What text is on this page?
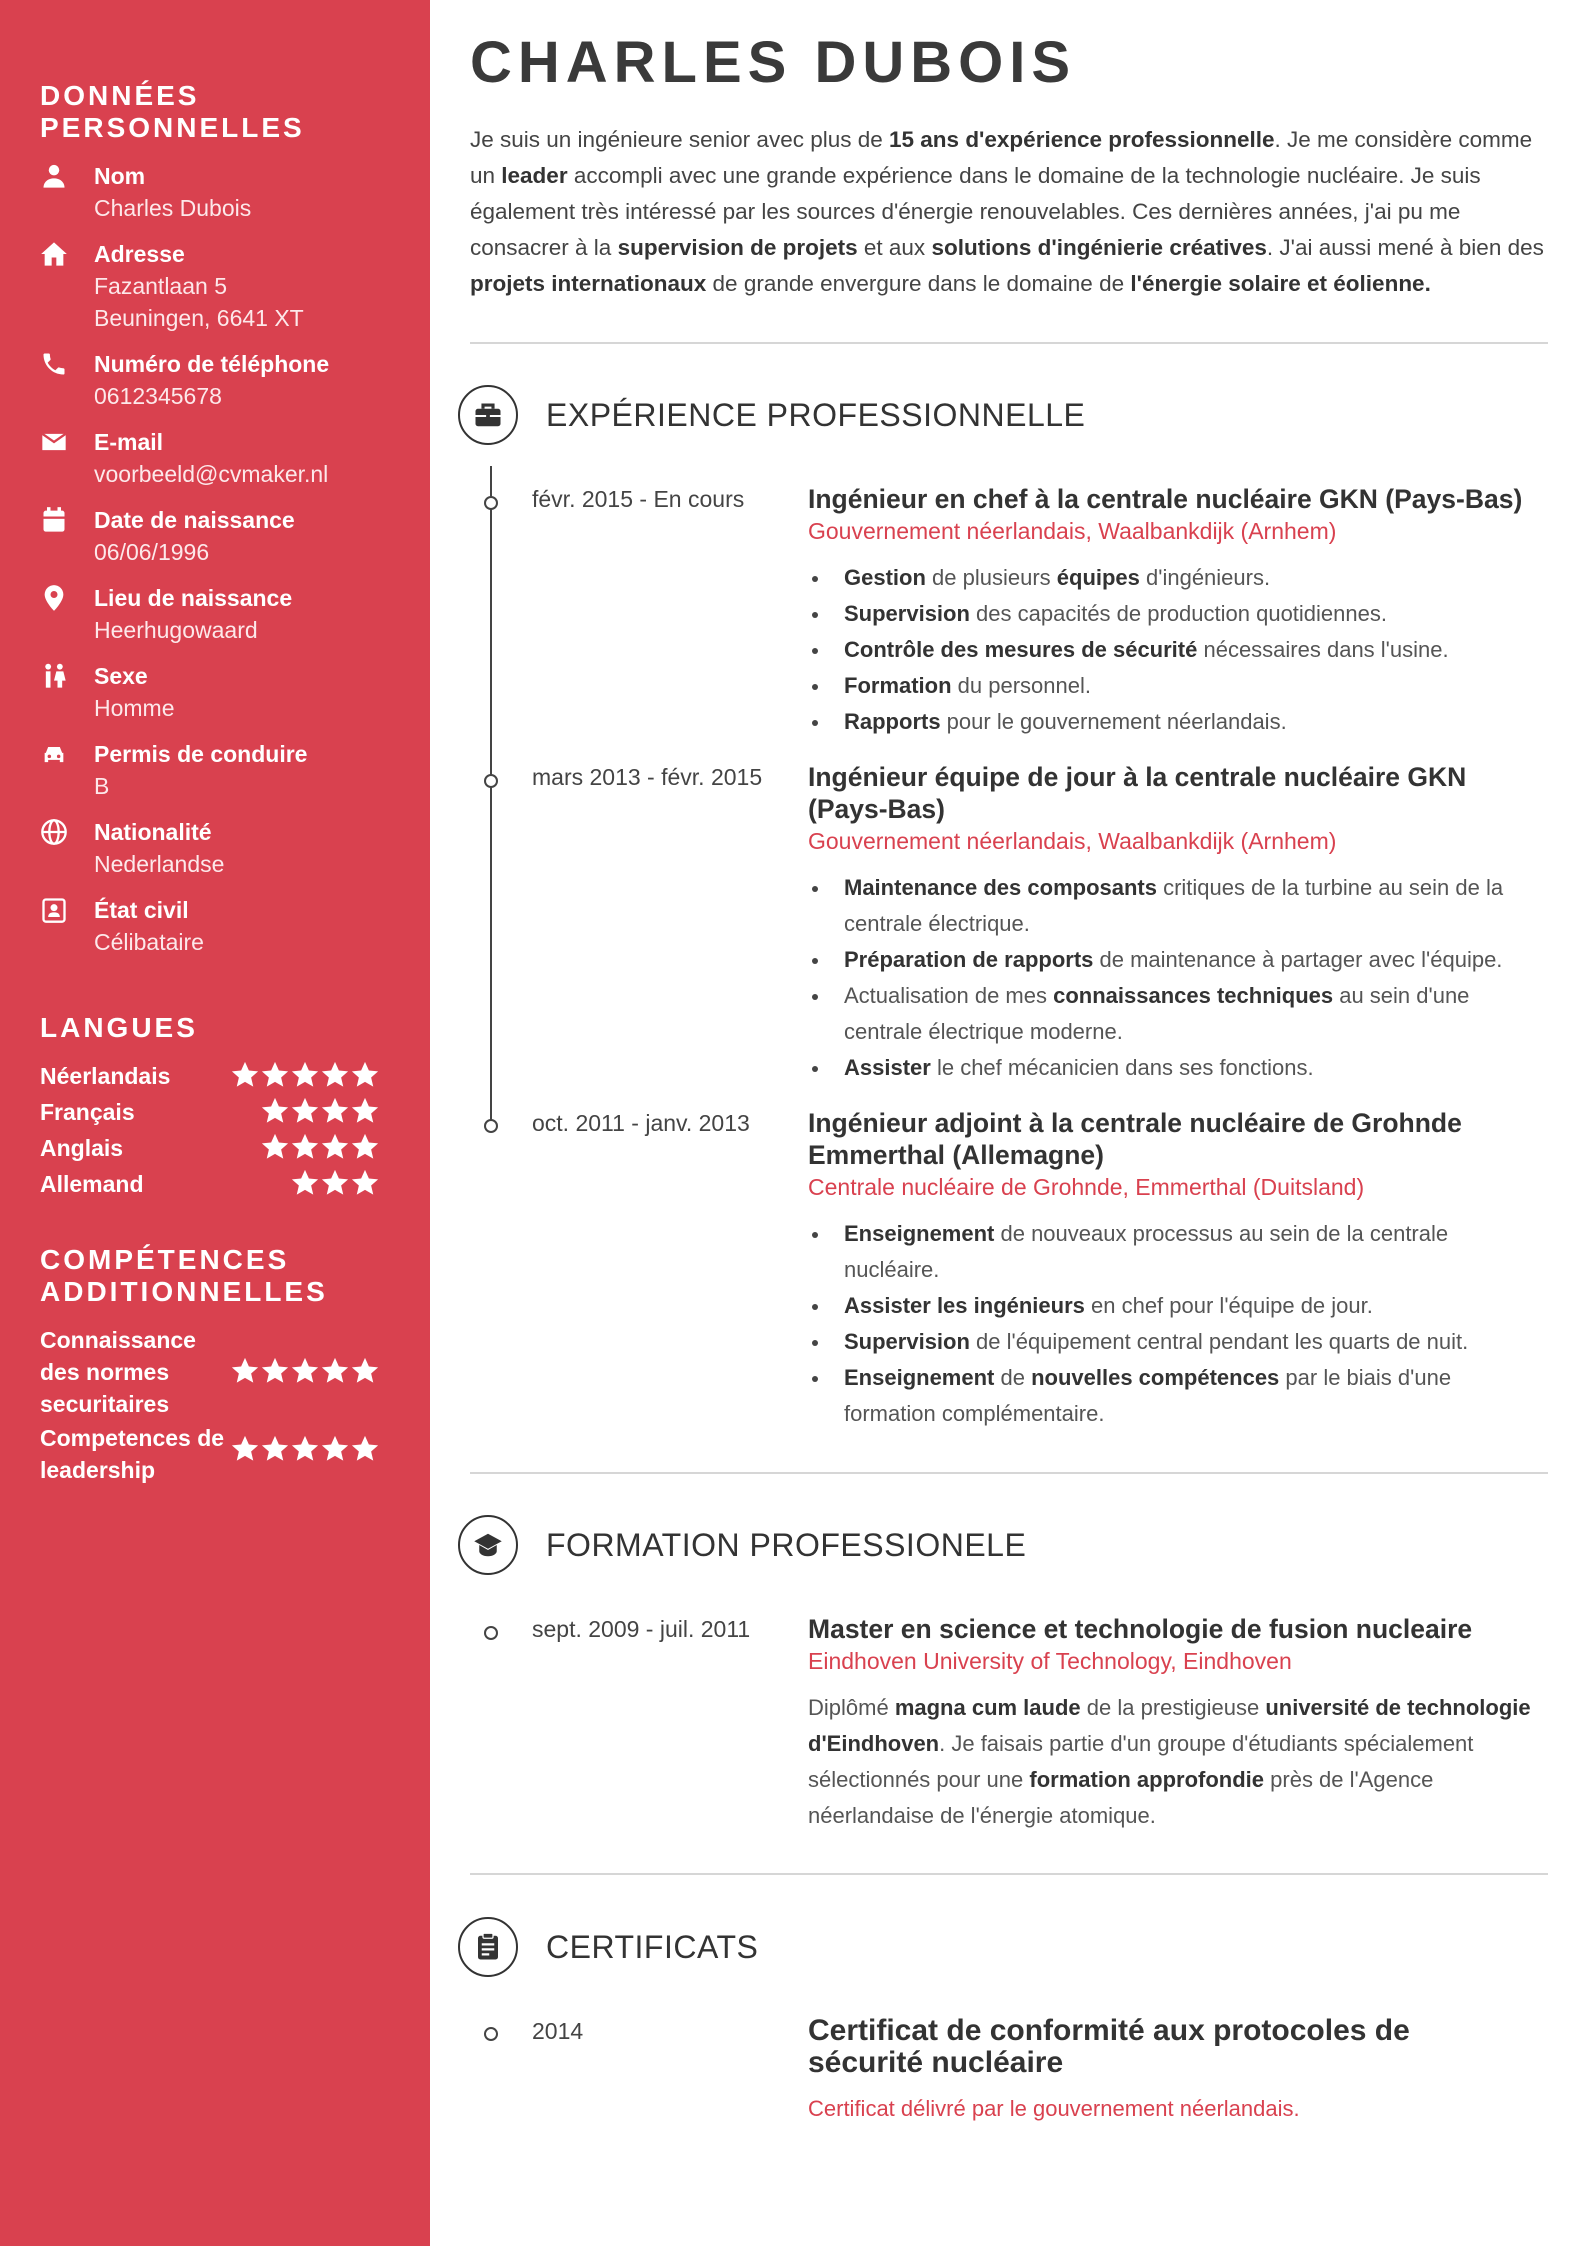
DONNÉES PERSONNELLES
Nom
Charles Dubois
Adresse
Fazantlaan 5
Beuningen, 6641 XT
Numéro de téléphone
0612345678
E-mail
voorbeeld@cvmaker.nl
Date de naissance
06/06/1996
Lieu de naissance
Heerhugowaard
Sexe
Homme
Permis de conduire
B
Nationalité
Nederlandse
État civil
Célibataire
LANGUES
Néerlandais
Français
Anglais
Allemand
COMPÉTENCES ADDITIONNELLES
Connaissance des normes securitaires
Competences de leadership
CHARLES DUBOIS
Je suis un ingénieure senior avec plus de 15 ans d'expérience professionnelle. Je me considère comme un leader accompli avec une grande expérience dans le domaine de la technologie nucléaire. Je suis également très intéressé par les sources d'énergie renouvelables. Ces dernières années, j'ai pu me consacrer à la supervision de projets et aux solutions d'ingénierie créatives. J'ai aussi mené à bien des projets internationaux de grande envergure dans le domaine de l'énergie solaire et éolienne.
EXPÉRIENCE PROFESSIONNELLE
févr. 2015 - En cours Ingénieur en chef à la centrale nucléaire GKN (Pays-Bas)
Gouvernement néerlandais, Waalbankdijk (Arnhem)
Gestion de plusieurs équipes d'ingénieurs.
Supervision des capacités de production quotidiennes.
Contrôle des mesures de sécurité nécessaires dans l'usine.
Formation du personnel.
Rapports pour le gouvernement néerlandais.
mars 2013 - févr. 2015 Ingénieur équipe de jour à la centrale nucléaire GKN (Pays-Bas)
Gouvernement néerlandais, Waalbankdijk (Arnhem)
Maintenance des composants critiques de la turbine au sein de la centrale électrique.
Préparation de rapports de maintenance à partager avec l'équipe.
Actualisation de mes connaissances techniques au sein d'une centrale électrique moderne.
Assister le chef mécanicien dans ses fonctions.
oct. 2011 - janv. 2013 Ingénieur adjoint à la centrale nucléaire de Grohnde Emmerthal (Allemagne)
Centrale nucléaire de Grohnde, Emmerthal (Duitsland)
Enseignement de nouveaux processus au sein de la centrale nucléaire.
Assister les ingénieurs en chef pour l'équipe de jour.
Supervision de l'équipement central pendant les quarts de nuit.
Enseignement de nouvelles compétences par le biais d'une formation complémentaire.
FORMATION PROFESSIONELE
sept. 2009 - juil. 2011 Master en science et technologie de fusion nucleaire
Eindhoven University of Technology, Eindhoven
Diplômé magna cum laude de la prestigieuse université de technologie d'Eindhoven. Je faisais partie d'un groupe d'étudiants spécialement sélectionnés pour une formation approfondie près de l'Agence néerlandaise de l'énergie atomique.
CERTIFICATS
2014	Certificat de conformité aux protocoles de sécurité nucléaire
Certificat délivré par le gouvernement néerlandais.
